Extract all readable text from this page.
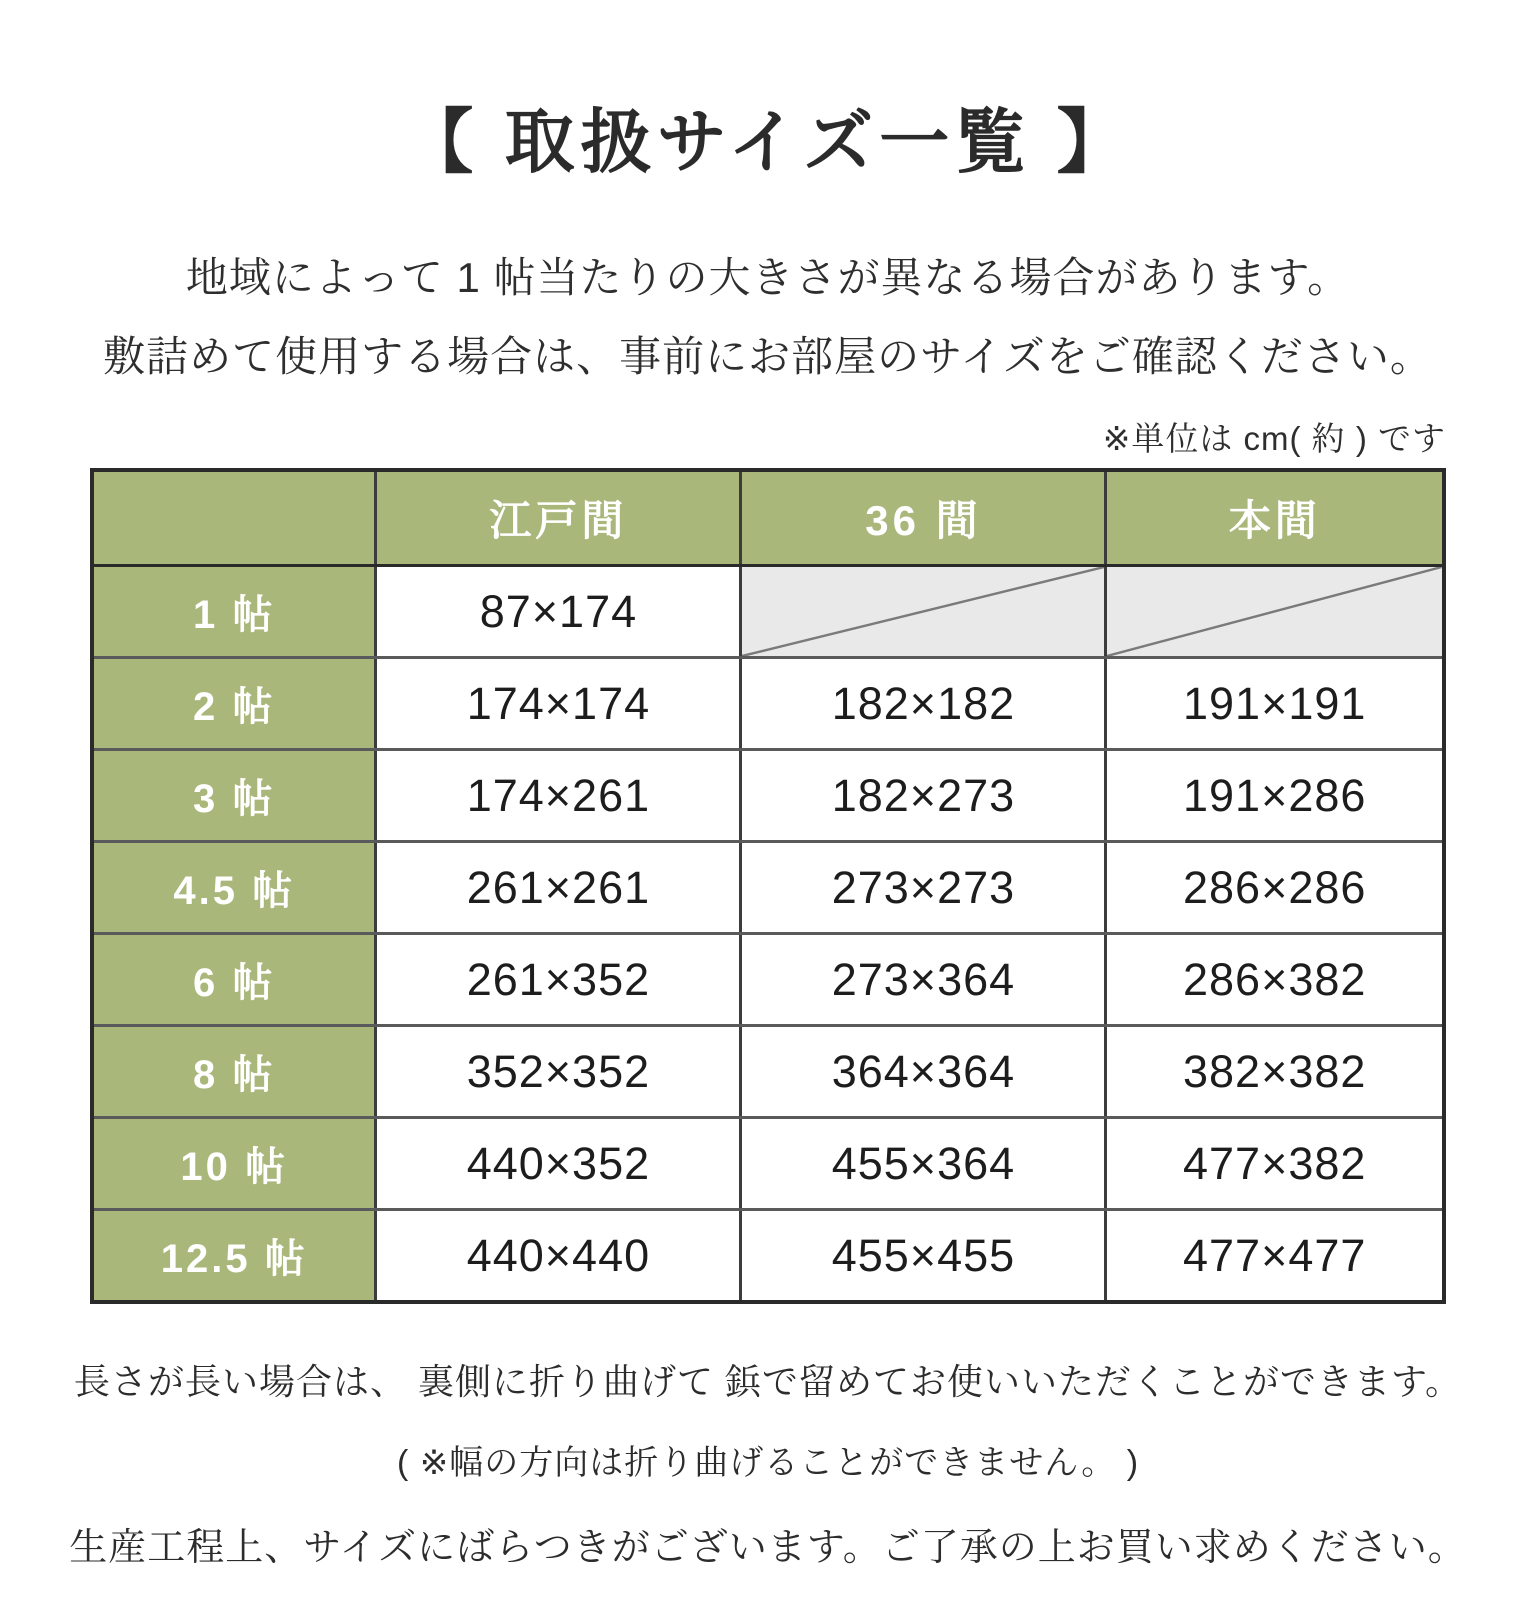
【 取扱サイズ一覧 】
地域によって 1 帖当たりの大きさが異なる場合があります。
敷詰めて使用する場合は、事前にお部屋のサイズをご確認ください。
※単位は cm( 約 ) です
	江戸間	36 間	本間
1 帖	87×174	

2 帖	174×174	182×182	191×191
3 帖	174×261	182×273	191×286
4.5 帖	261×261	273×273	286×286
6 帖	261×352	273×364	286×382
8 帖	352×352	364×364	382×382
10 帖	440×352	455×364	477×382
12.5 帖	440×440	455×455	477×477
長さが長い場合は、 裏側に折り曲げて 鋲で留めてお使いいただくことができます。
( ※幅の方向は折り曲げることができません。 )
生産工程上、サイズにばらつきがございます。ご了承の上お買い求めください。
